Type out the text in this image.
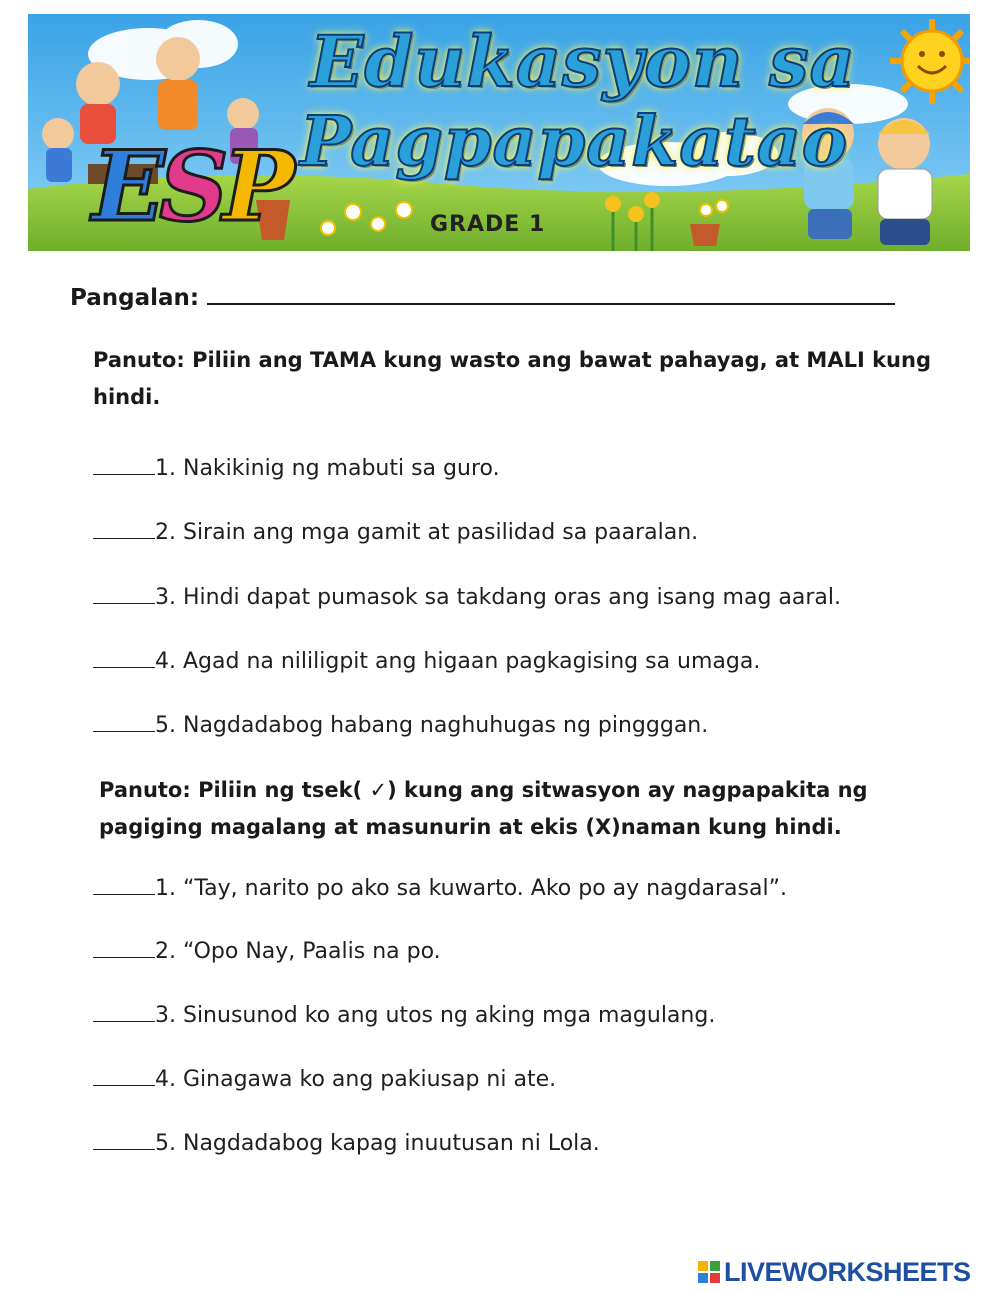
Edukasyon sa
Pagpapakatao
GRADE 1
ESP
Pangalan:
Panuto: Piliin ang TAMA kung wasto ang bawat pahayag, at MALI kung hindi.
1. Nakikinig ng mabuti sa guro.
2. Sirain ang mga gamit at pasilidad sa paaralan.
3. Hindi dapat pumasok sa takdang oras ang isang mag aaral.
4. Agad na nililigpit ang higaan pagkagising sa umaga.
5. Nagdadabog habang naghuhugas ng pingggan.
Panuto: Piliin ng tsek( ✓) kung ang sitwasyon ay nagpapakita ng pagiging magalang at masunurin at ekis (X)naman kung hindi.
1. “Tay, narito po ako sa kuwarto. Ako po ay nagdarasal”.
2. “Opo Nay, Paalis na po.
3. Sinusunod ko ang utos ng aking mga magulang.
4. Ginagawa ko ang pakiusap ni ate.
5. Nagdadabog kapag inuutusan ni Lola.
LIVEWORKSHEETS
